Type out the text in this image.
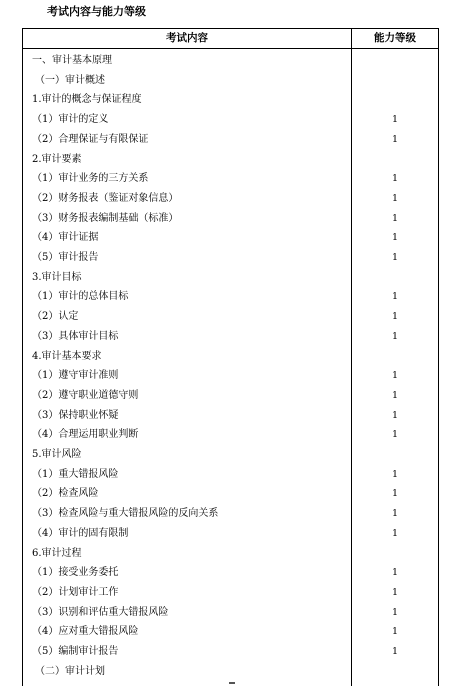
考试内容与能力等级
考试内容	能力等级
一、审计基本原理
（一）审计概述
1.审计的概念与保证程度
（1）审计的定义	1
（2）合理保证与有限保证	1
2.审计要素
（1）审计业务的三方关系	1
（2）财务报表（鉴证对象信息）	1
（3）财务报表编制基础（标准）	1
（4）审计证据	1
（5）审计报告	1
3.审计目标
（1）审计的总体目标	1
（2）认定	1
（3）具体审计目标	1
4.审计基本要求
（1）遵守审计准则	1
（2）遵守职业道德守则	1
（3）保持职业怀疑	1
（4）合理运用职业判断	1
5.审计风险
（1）重大错报风险	1
（2）检查风险	1
（3）检查风险与重大错报风险的反向关系	1
（4）审计的固有限制	1
6.审计过程
（1）接受业务委托	1
（2）计划审计工作	1
（3）识别和评估重大错报风险	1
（4）应对重大错报风险	1
（5）编制审计报告	1
（二）审计计划
